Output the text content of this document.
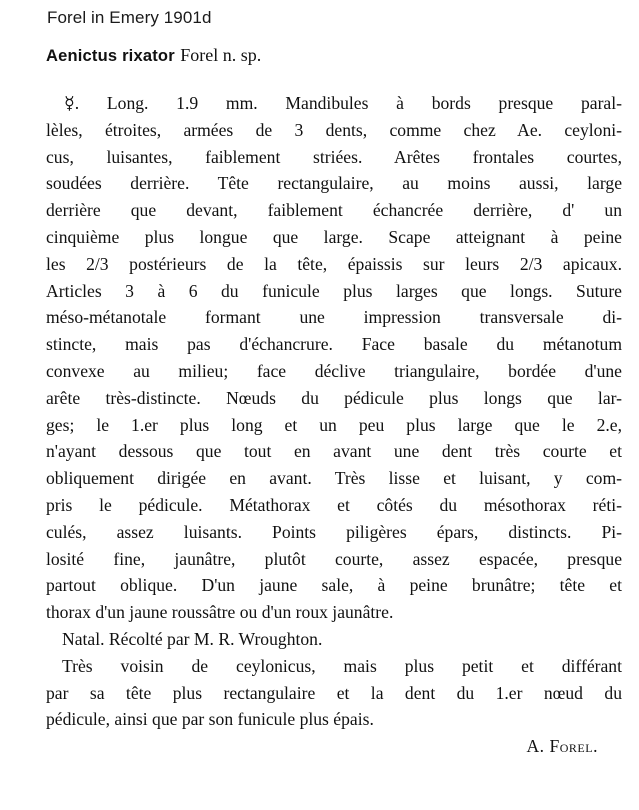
Forel in Emery 1901d
Aenictus rixator Forel n. sp.
☿. Long. 1.9 mm. Mandibules à bords presque paral-
lèles, étroites, armées de 3 dents, comme chez Ae. ceyloni-
cus, luisantes, faiblement striées. Arêtes frontales courtes,
soudées derrière. Tête rectangulaire, au moins aussi, large
derrière que devant, faiblement échancrée derrière, d' un
cinquième plus longue que large. Scape atteignant à peine
les 2/3 postérieurs de la tête, épaissis sur leurs 2/3 apicaux.
Articles 3 à 6 du funicule plus larges que longs. Suture
méso-métanotale formant une impression transversale di-
stincte, mais pas d'échancrure. Face basale du métanotum
convexe au milieu; face déclive triangulaire, bordée d'une
arête très-distincte. Nœuds du pédicule plus longs que lar-
ges; le 1.er plus long et un peu plus large que le 2.e,
n'ayant dessous que tout en avant une dent très courte et
obliquement dirigée en avant. Très lisse et luisant, y com-
pris le pédicule. Métathorax et côtés du mésothorax réti-
culés, assez luisants. Points piligères épars, distincts. Pi-
losité fine, jaunâtre, plutôt courte, assez espacée, presque
partout oblique. D'un jaune sale, à peine brunâtre; tête et
thorax d'un jaune roussâtre ou d'un roux jaunâtre.
Natal. Récolté par M. R. Wroughton.
Très voisin de ceylonicus, mais plus petit et différant
par sa tête plus rectangulaire et la dent du 1.er nœud du
pédicule, ainsi que par son funicule plus épais.
A. Forel.
